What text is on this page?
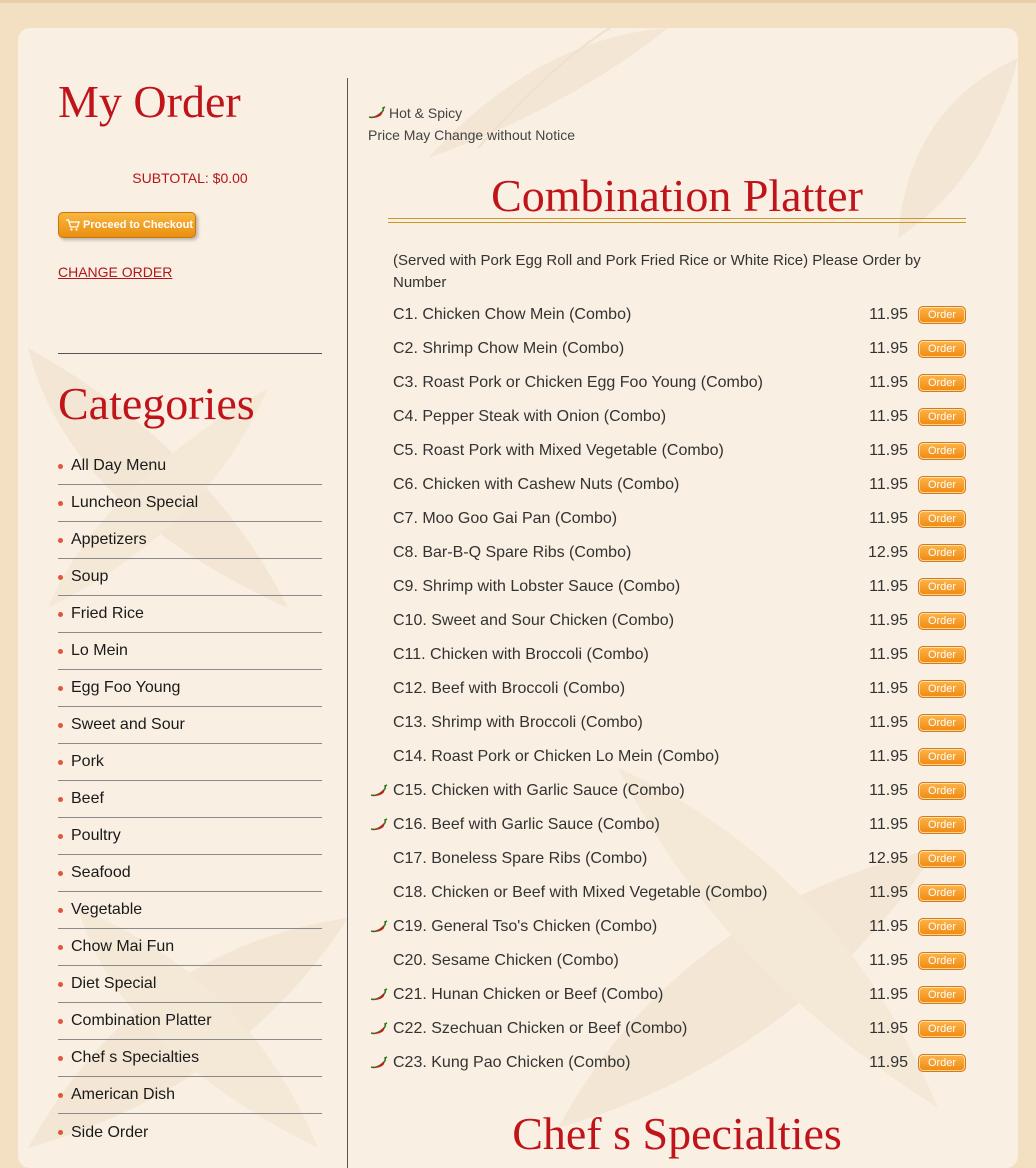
My Order
SUBTOTAL: $0.00
Proceed to Checkout
CHANGE ORDER
Categories
All Day Menu
Luncheon Special
Appetizers
Soup
Fried Rice
Lo Mein
Egg Foo Young
Sweet and Sour
Pork
Beef
Poultry
Seafood
Vegetable
Chow Mai Fun
Diet Special
Combination Platter
Chef s Specialties
American Dish
Side Order
Hot & Spicy
Price May Change without Notice
Combination Platter
(Served with Pork Egg Roll and Pork Fried Rice or White Rice) Please Order by Number
C1. Chicken Chow Mein (Combo)	11.95	Order
C2. Shrimp Chow Mein (Combo)	11.95	Order
C3. Roast Pork or Chicken Egg Foo Young (Combo)	11.95	Order
C4. Pepper Steak with Onion (Combo)	11.95	Order
C5. Roast Pork with Mixed Vegetable (Combo)	11.95	Order
C6. Chicken with Cashew Nuts (Combo)	11.95	Order
C7. Moo Goo Gai Pan (Combo)	11.95	Order
C8. Bar-B-Q Spare Ribs (Combo)	12.95	Order
C9. Shrimp with Lobster Sauce (Combo)	11.95	Order
C10. Sweet and Sour Chicken (Combo)	11.95	Order
C11. Chicken with Broccoli (Combo)	11.95	Order
C12. Beef with Broccoli (Combo)	11.95	Order
C13. Shrimp with Broccoli (Combo)	11.95	Order
C14. Roast Pork or Chicken Lo Mein (Combo)	11.95	Order
C15. Chicken with Garlic Sauce (Combo)	11.95	Order
C16. Beef with Garlic Sauce (Combo)	11.95	Order
C17. Boneless Spare Ribs (Combo)	12.95	Order
C18. Chicken or Beef with Mixed Vegetable (Combo)	11.95	Order
C19. General Tso's Chicken (Combo)	11.95	Order
C20. Sesame Chicken (Combo)	11.95	Order
C21. Hunan Chicken or Beef (Combo)	11.95	Order
C22. Szechuan Chicken or Beef (Combo)	11.95	Order
C23. Kung Pao Chicken (Combo)	11.95	Order
Chef s Specialties
